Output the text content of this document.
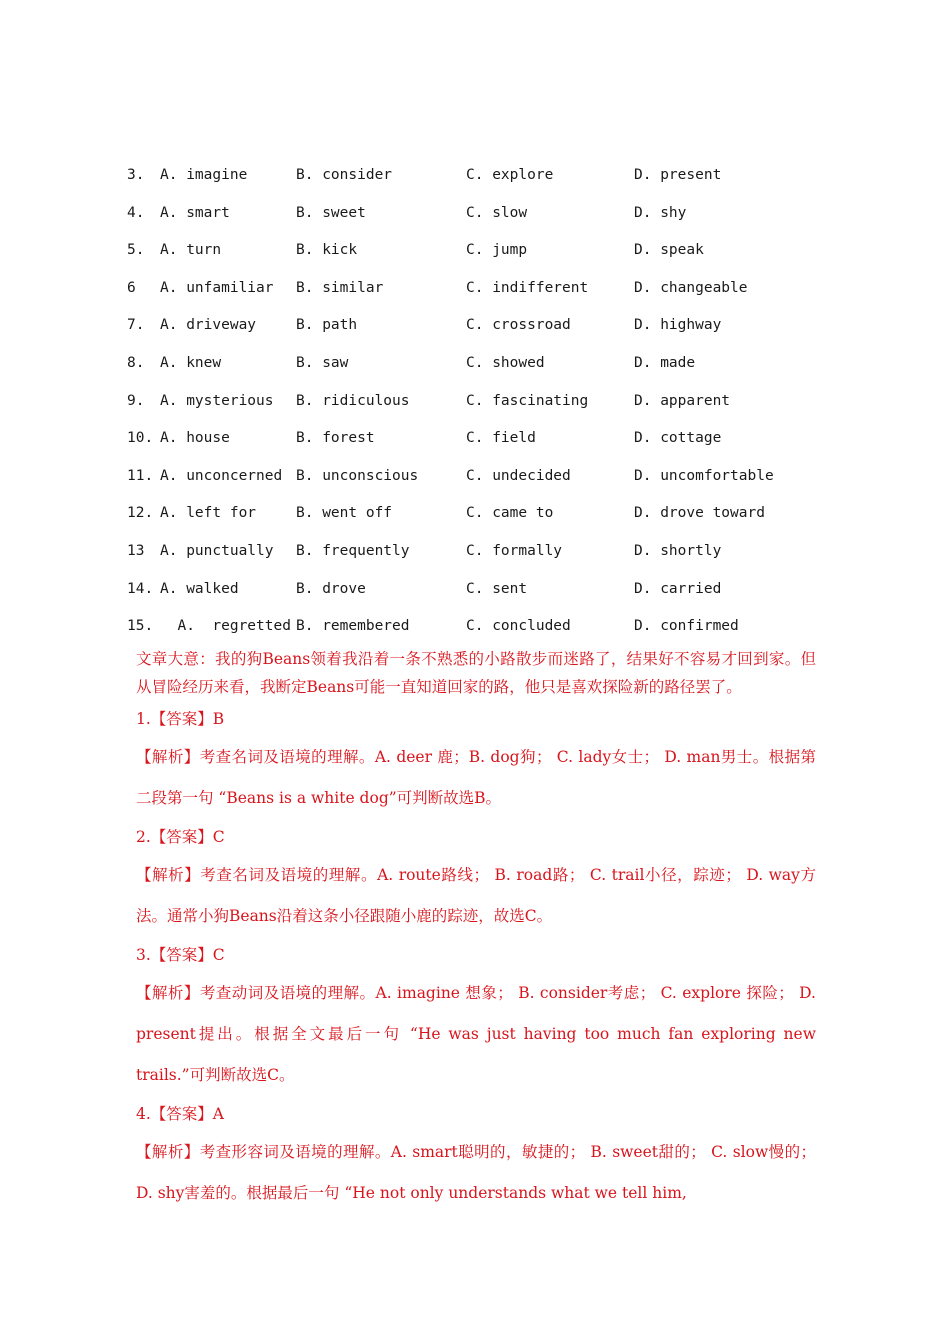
3. A. imagine	B. consider	C. explore	D. present
4. A. smart	B. sweet	C. slow	D. shy
5. A. turn	B. kick	C. jump	D. speak
6 A. unfamiliar B. similar	C. indifferent	D. changeable
7. A. driveway	B. path	C. crossroad	D. highway
8. A. knew	B. saw	C. showed	D. made
9. A. mysterious B. ridiculous	C. fascinating	D. apparent
10. A. house	B. forest	C. field	D. cottage
11. A. unconcerned B. unconscious	C. undecided	D. uncomfortable
12. A. left for	B. went off	C. came to	D. drove toward
13 A. punctually B. frequently	C. formally	D. shortly
14. A. walked	B. drove	C. sent	D. carried
15. A.  regretted B. remembered	C. concluded	D. confirmed

文章大意：我的狗Beans领着我沿着一条不熟悉的小路散步而迷路了，结果好不容易才回到家。但从冒险经历来看，我断定Beans可能一直知道回家的路，他只是喜欢探险新的路径罢了。

1.【答案】B

【解析】考查名词及语境的理解。A. deer 鹿；B. dog狗； C. lady女士； D. man男士。根据第二段第一句 “Beans is a white dog”可判断故选B。

2.【答案】C

【解析】考查名词及语境的理解。A. route路线； B. road路； C. trail小径，踪迹； D. way方法。通常小狗Beans沿着这条小径跟随小鹿的踪迹，故选C。

3.【答案】C

【解析】考查动词及语境的理解。A. imagine 想象； B. consider考虑； C. explore 探险； D. present提出。根据全文最后一句 “He was just having too much fan exploring new trails.”可判断故选C。

4.【答案】A

【解析】考查形容词及语境的理解。A. smart聪明的，敏捷的； B. sweet甜的； C. slow慢的； D. shy害羞的。根据最后一句 “He not only understands what we tell him,
